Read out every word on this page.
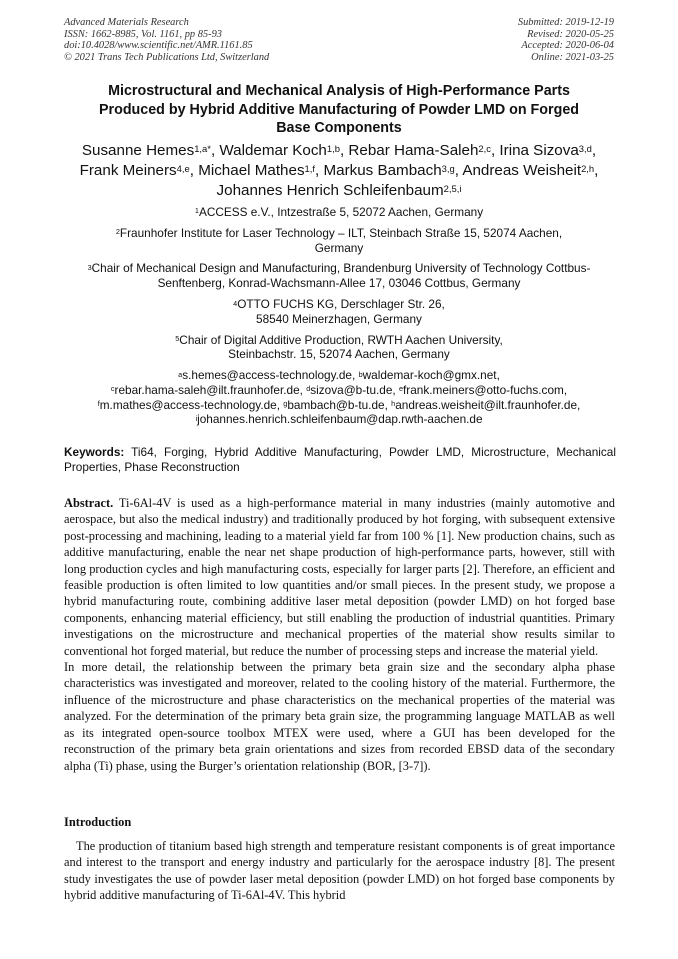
Advanced Materials Research
ISSN: 1662-8985, Vol. 1161, pp 85-93
doi:10.4028/www.scientific.net/AMR.1161.85
© 2021 Trans Tech Publications Ltd, Switzerland
Submitted: 2019-12-19
Revised: 2020-05-25
Accepted: 2020-06-04
Online: 2021-03-25
Microstructural and Mechanical Analysis of High-Performance Parts
Produced by Hybrid Additive Manufacturing of Powder LMD on Forged
Base Components
Susanne Hemes$^{1,a*}$, Waldemar Koch$^{1,b}$, Rebar Hama-Saleh$^{2,c}$, Irina Sizova$^{3,d}$,
Frank Meiners$^{4,e}$, Michael Mathes$^{1,f}$, Markus Bambach$^{3,g}$, Andreas Weisheit$^{2,h}$,
Johannes Henrich Schleifenbaum$^{2,5,i}$
$^1$ACCESS e.V., Intzestraße 5, 52072 Aachen, Germany
$^2$Fraunhofer Institute for Laser Technology – ILT, Steinbach Straße 15, 52074 Aachen,
Germany
$^3$Chair of Mechanical Design and Manufacturing, Brandenburg University of Technology Cottbus-
Senftenberg, Konrad-Wachsmann-Allee 17, 03046 Cottbus, Germany
$^4$OTTO FUCHS KG, Derschlager Str. 26,
58540 Meinerzhagen, Germany
$^5$Chair of Digital Additive Production, RWTH Aachen University,
Steinbachstr. 15, 52074 Aachen, Germany
$^a$s.hemes@access-technology.de, $^b$waldemar-koch@gmx.net,
$^c$rebar.hama-saleh@ilt.fraunhofer.de, $^d$sizova@b-tu.de, $^e$frank.meiners@otto-fuchs.com,
$^f$m.mathes@access-technology.de, $^g$bambach@b-tu.de, $^h$andreas.weisheit@ilt.fraunhofer.de,
$^i$johannes.henrich.schleifenbaum@dap.rwth-aachen.de
Keywords: Ti64, Forging, Hybrid Additive Manufacturing, Powder LMD, Microstructure, Mechanical Properties, Phase Reconstruction

Abstract. Ti-6Al-4V is used as a high-performance material in many industries (mainly automotive and aerospace, but also the medical industry) and traditionally produced by hot forging, with subsequent extensive post-processing and machining, leading to a material yield far from 100 % [1]. New production chains, such as additive manufacturing, enable the near net shape production of high-performance parts, however, still with long production cycles and high manufacturing costs, especially for larger parts [2]. Therefore, an efficient and feasible production is often limited to low quantities and/or small pieces. In the present study, we propose a hybrid manufacturing route, combining additive laser metal deposition (powder LMD) on hot forged base components, enhancing material efficiency, but still enabling the production of industrial quantities. Primary investigations on the microstructure and mechanical properties of the material show results similar to conventional hot forged material, but reduce the number of processing steps and increase the material yield.

In more detail, the relationship between the primary beta grain size and the secondary alpha phase characteristics was investigated and moreover, related to the cooling history of the material. Furthermore, the influence of the microstructure and phase characteristics on the mechanical properties of the material was analyzed. For the determination of the primary beta grain size, the programming language MATLAB as well as its integrated open-source toolbox MTEX were used, where a GUI has been developed for the reconstruction of the primary beta grain orientations and sizes from recorded EBSD data of the secondary alpha (Ti) phase, using the Burger’s orientation relationship (BOR, [3-7]).

Introduction

The production of titanium based high strength and temperature resistant components is of great importance and interest to the transport and energy industry and particularly for the aerospace industry [8]. The present study investigates the use of powder laser metal deposition (powder LMD) on hot forged base components by hybrid additive manufacturing of Ti-6Al-4V. This hybrid
